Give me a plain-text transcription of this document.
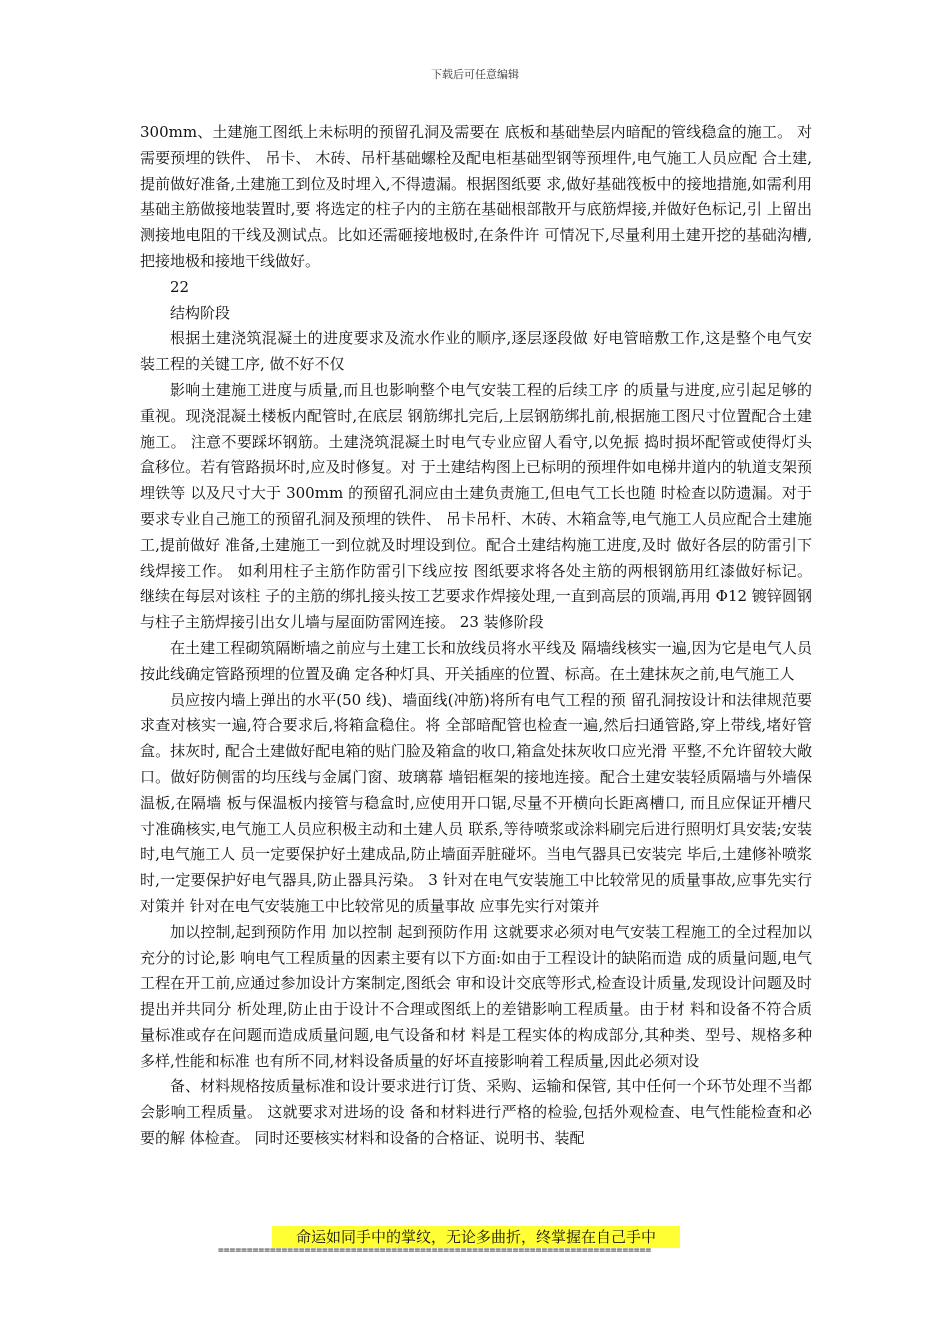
下载后可任意编辑

300mm、土建施工图纸上未标明的预留孔洞及需要在 底板和基础垫层内暗配的管线稳盒的施工。 对需要预埋的铁件、 吊卡、 木砖、吊杆基础螺栓及配电柜基础型钢等预埋件,电气施工人员应配 合土建,提前做好准备,土建施工到位及时埋入,不得遗漏。根据图纸要 求,做好基础筏板中的接地措施,如需利用基础主筋做接地装置时,要 将选定的柱子内的主筋在基础根部散开与底筋焊接,并做好色标记,引 上留出测接地电阻的干线及测试点。比如还需砸接地极时,在条件许 可情况下,尽量利用土建开挖的基础沟槽,把接地极和接地干线做好。

22

结构阶段

根据土建浇筑混凝土的进度要求及流水作业的顺序,逐层逐段做 好电管暗敷工作,这是整个电气安装工程的关键工序, 做不好不仅

影响土建施工进度与质量,而且也影响整个电气安装工程的后续工序 的质量与进度,应引起足够的重视。现浇混凝土楼板内配管时,在底层 钢筋绑扎完后,上层钢筋绑扎前,根据施工图尺寸位置配合土建施工。 注意不要踩坏钢筋。土建浇筑混凝土时电气专业应留人看守,以免振 捣时损坏配管或使得灯头盒移位。若有管路损坏时,应及时修复。对 于土建结构图上已标明的预埋件如电梯井道内的轨道支架预埋铁等 以及尺寸大于 300mm 的预留孔洞应由土建负责施工,但电气工长也随 时检查以防遗漏。对于要求专业自己施工的预留孔洞及预埋的铁件、 吊卡吊杆、木砖、木箱盒等,电气施工人员应配合土建施工,提前做好 准备,土建施工一到位就及时埋设到位。配合土建结构施工进度,及时 做好各层的防雷引下线焊接工作。 如利用柱子主筋作防雷引下线应按 图纸要求将各处主筋的两根钢筋用红漆做好标记。 继续在每层对该柱 子的主筋的绑扎接头按工艺要求作焊接处理,一直到高层的顶端,再用 Φ12 镀锌圆钢与柱子主筋焊接引出女儿墙与屋面防雷网连接。 23 装修阶段

在土建工程砌筑隔断墙之前应与土建工长和放线员将水平线及 隔墙线核实一遍,因为它是电气人员按此线确定管路预埋的位置及确 定各种灯具、开关插座的位置、标高。在土建抹灰之前,电气施工人

员应按内墙上弹出的水平(50 线)、墙面线(冲筋)将所有电气工程的预 留孔洞按设计和法律规范要求查对核实一遍,符合要求后,将箱盒稳住。将 全部暗配管也检查一遍,然后扫通管路,穿上带线,堵好管盒。抹灰时, 配合土建做好配电箱的贴门脸及箱盒的收口,箱盒处抹灰收口应光滑 平整,不允许留较大敞口。做好防侧雷的均压线与金属门窗、玻璃幕 墙铝框架的接地连接。配合土建安装轻质隔墙与外墙保温板,在隔墙 板与保温板内接管与稳盒时,应使用开口锯,尽量不开横向长距离槽口, 而且应保证开槽尺寸准确核实,电气施工人员应积极主动和土建人员 联系,等待喷浆或涂料刷完后进行照明灯具安装;安装时,电气施工人 员一定要保护好土建成品,防止墙面弄脏碰坏。当电气器具已安装完 毕后,土建修补喷浆时,一定要保护好电气器具,防止器具污染。 3 针对在电气安装施工中比较常见的质量事故,应事先实行对策并 针对在电气安装施工中比较常见的质量事故 应事先实行对策并

加以控制,起到预防作用 加以控制 起到预防作用 这就要求必须对电气安装工程施工的全过程加以充分的讨论,影 响电气工程质量的因素主要有以下方面:如由于工程设计的缺陷而造 成的质量问题,电气工程在开工前,应通过参加设计方案制定,图纸会 审和设计交底等形式,检查设计质量,发现设计问题及时提出并共同分 析处理,防止由于设计不合理或图纸上的差错影响工程质量。由于材 料和设备不符合质量标准或存在问题而造成质量问题,电气设备和材 料是工程实体的构成部分,其种类、型号、规格多种多样,性能和标准 也有所不同,材料设备质量的好坏直接影响着工程质量,因此必须对设

备、材料规格按质量标准和设计要求进行订货、采购、运输和保管, 其中任何一个环节处理不当都会影响工程质量。 这就要求对进场的设 备和材料进行严格的检验,包括外观检查、电气性能检查和必要的解 体检查。 同时还要核实材料和设备的合格证、说明书、装配

命运如同手中的掌纹，无论多曲折，终掌握在自己手中
===========================================================================
